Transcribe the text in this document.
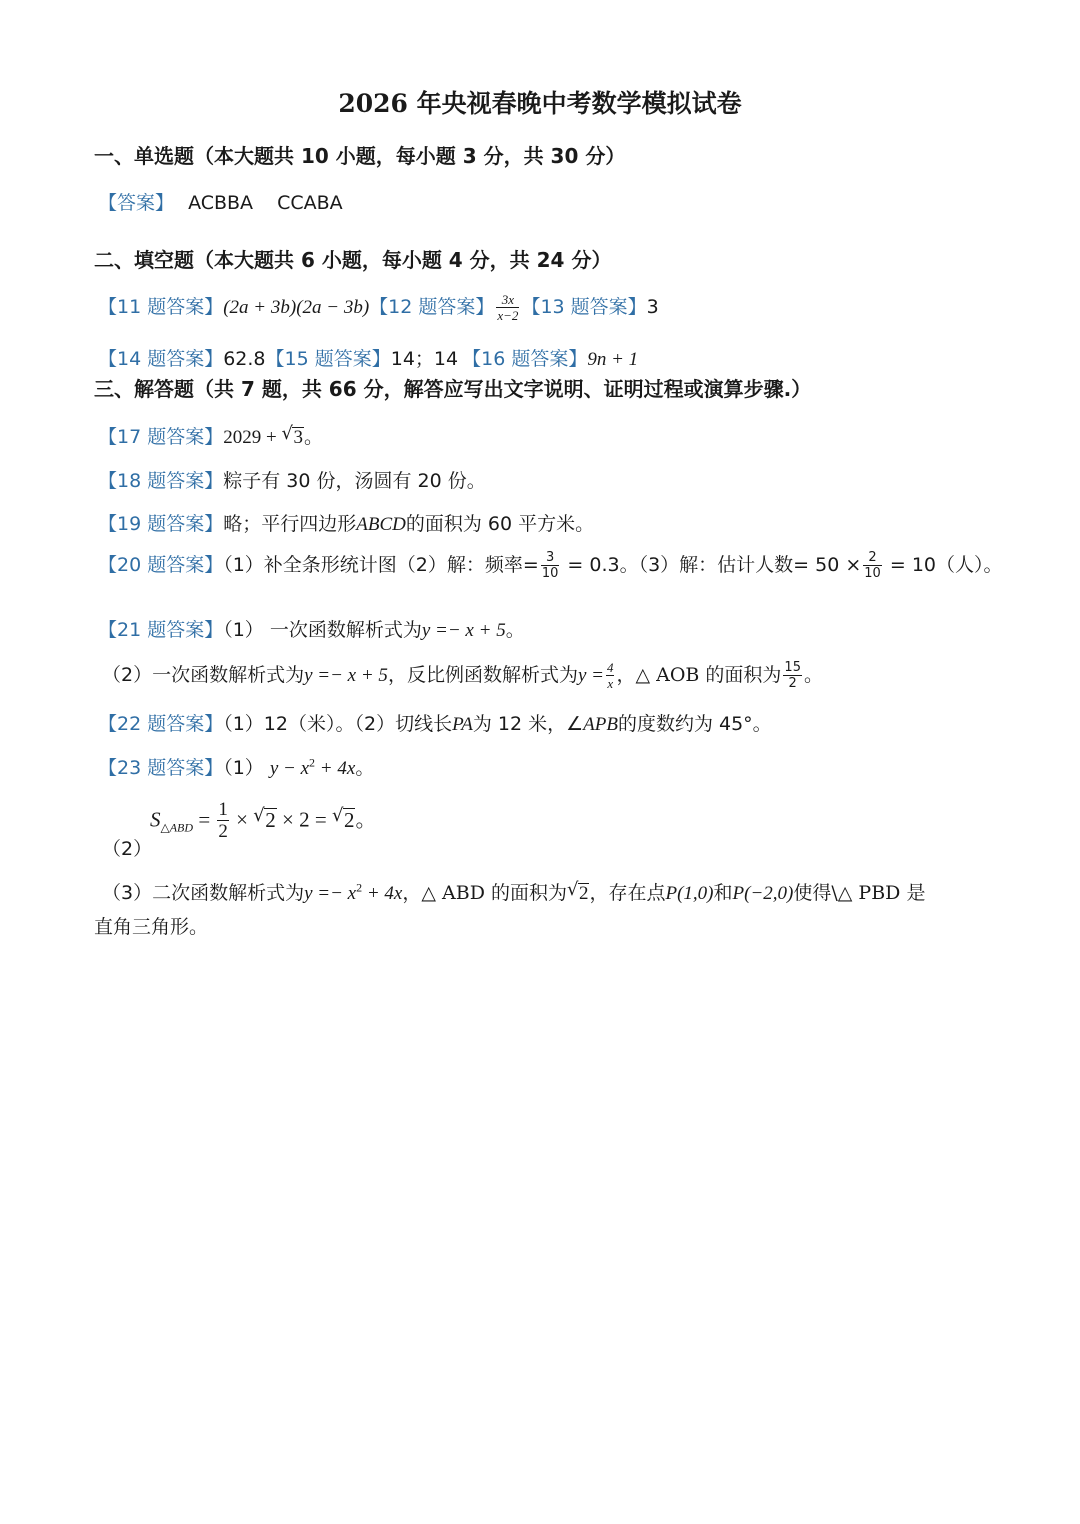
2026 年央视春晚中考数学模拟试卷
一、单选题（本大题共 10 小题，每小题 3 分，共 30 分）
【答案】 ACBBA CCABA
二、填空题（本大题共 6 小题，每小题 4 分，共 24 分）
【11 题答案】(2a + 3b)(2a − 3b)【12 题答案】 $\frac{3x}{x-2}$ 【13 题答案】3
【14 题答案】62.8【15 题答案】14；14 【16 题答案】9n + 1
三、解答题（共 7 题，共 66 分，解答应写出文字说明、证明过程或演算步骤.）
【17 题答案】2029 + √ 3。
【18 题答案】粽子有 30 份，汤圆有 20 份。
【19 题答案】略；平行四边形ABCD的面积为 60 平方米。
【20 题答案】（1）补全条形统计图（2）解：频率= $\frac{3}{10} = 0.3$。（3）解：估计人数= $50 \times \frac{2}{10} = 10$（人）。
【21 题答案】（1） 一次函数解析式为y =− x + 5。
（2）一次函数解析式为y =− x + 5，反比例函数解析式为$y = \frac{4}{x}$ ，△ AOB 的面积为 $\frac{15}{2}$ 。
【22 题答案】（1）12（米）。（2）切线长PA为 12 米，∠APB的度数约为 45°。
【23 题答案】（1） $y - x^2 + 4x$。
（2）
$S_{\triangle ABD} = \frac{1}{2}$ × √ 2 × 2 = √ 2。
（3）二次函数解析式为$y =- x^2 + 4x$，△ ABD 的面积为 √ 2，存在点P(1,0)和P(−2,0)使得\△ PBD 是
直角三角形。
